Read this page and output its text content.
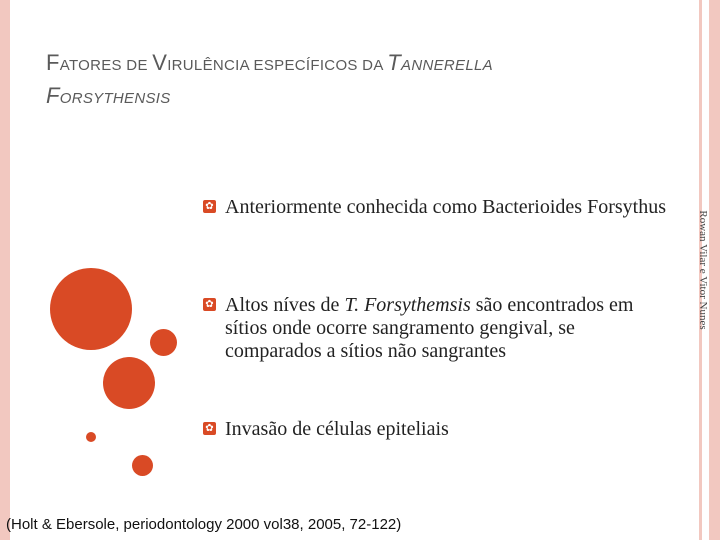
FATORES DE VIRULÊNCIA ESPECÍFICOS DA TANNERELLA
FORSYTHENSIS
✿ Anteriormente conhecida como Bacterioides Forsythus
✿ Altos níves de T. Forsythemsis são encontrados em sítios onde ocorre sangramento gengival, se comparados a sítios não sangrantes
✿ Invasão de células epiteliais
Rowan Vilar e Vitor Nunes
(Holt & Ebersole, periodontology 2000 vol38, 2005, 72-122)
